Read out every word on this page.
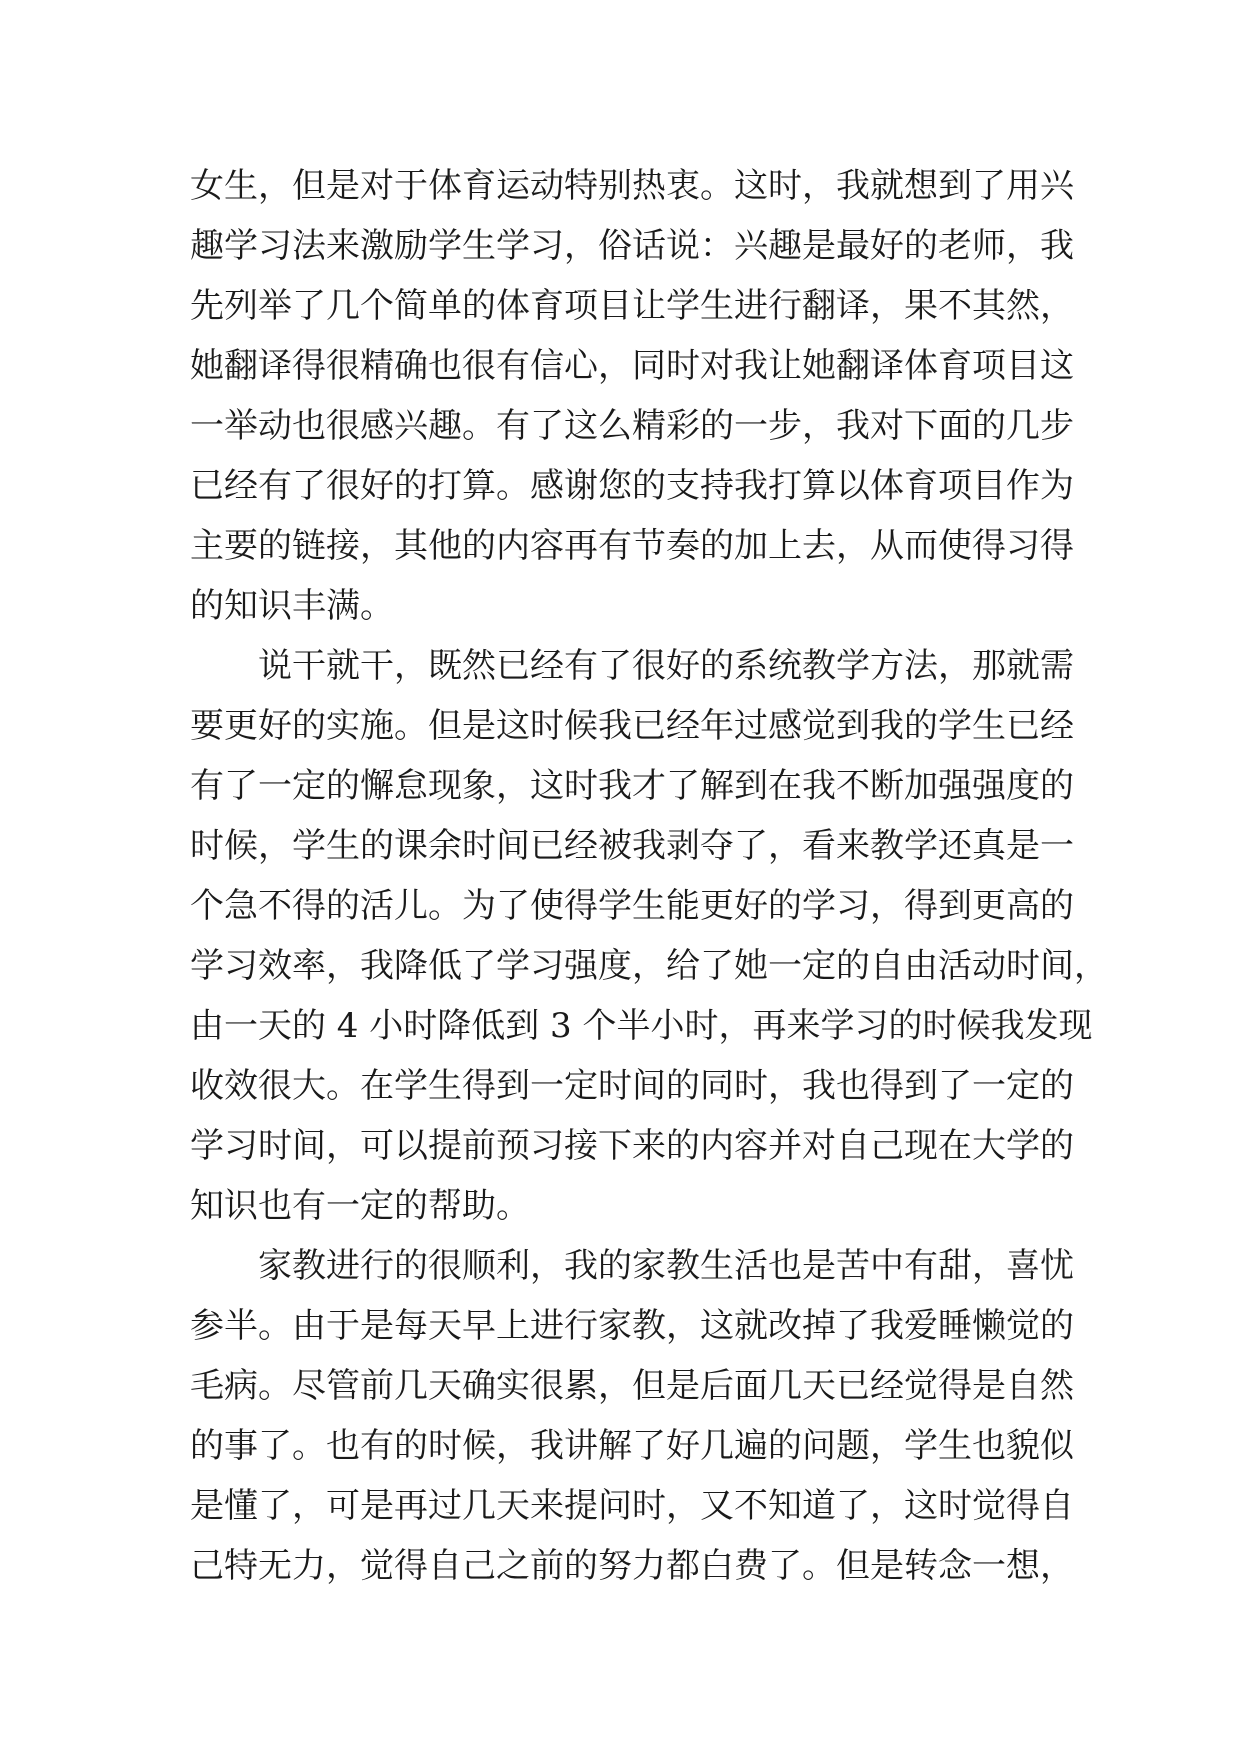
女生，但是对于体育运动特别热衷。这时，我就想到了用兴
趣学习法来激励学生学习，俗话说：兴趣是最好的老师，我
先列举了几个简单的体育项目让学生进行翻译，果不其然，
她翻译得很精确也很有信心，同时对我让她翻译体育项目这
一举动也很感兴趣。有了这么精彩的一步，我对下面的几步
已经有了很好的打算。感谢您的支持我打算以体育项目作为
主要的链接，其他的内容再有节奏的加上去，从而使得习得
的知识丰满。
　　说干就干，既然已经有了很好的系统教学方法，那就需
要更好的实施。但是这时候我已经年过感觉到我的学生已经
有了一定的懈怠现象，这时我才了解到在我不断加强强度的
时候，学生的课余时间已经被我剥夺了，看来教学还真是一
个急不得的活儿。为了使得学生能更好的学习，得到更高的
学习效率，我降低了学习强度，给了她一定的自由活动时间，
由一天的 4 小时降低到 3 个半小时，再来学习的时候我发现
收效很大。在学生得到一定时间的同时，我也得到了一定的
学习时间，可以提前预习接下来的内容并对自己现在大学的
知识也有一定的帮助。
　　家教进行的很顺利，我的家教生活也是苦中有甜，喜忧
参半。由于是每天早上进行家教，这就改掉了我爱睡懒觉的
毛病。尽管前几天确实很累，但是后面几天已经觉得是自然
的事了。也有的时候，我讲解了好几遍的问题，学生也貌似
是懂了，可是再过几天来提问时，又不知道了，这时觉得自
己特无力，觉得自己之前的努力都白费了。但是转念一想，
